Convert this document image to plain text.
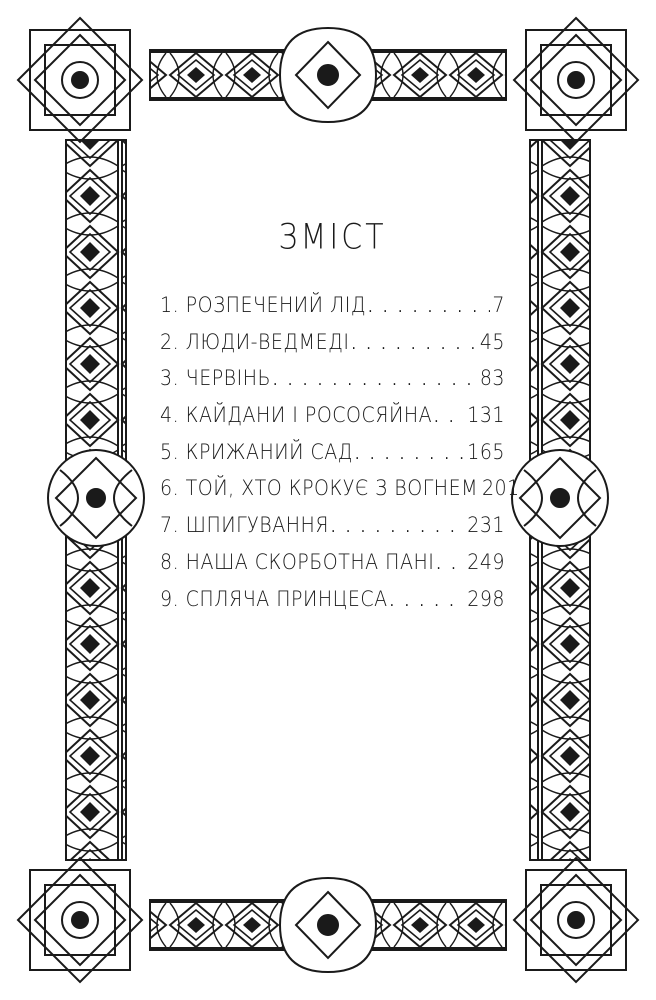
ЗМІСТ
1. РОЗПЕЧЕНИЙ ЛІД . . .	7
2. ЛЮДИ-ВЕДМЕДІ . . .	45
3. ЧЕРВІНЬ . . .	83
4. КАЙДАНИ І РОСОСЯЙНА . . . 131
5. КРИЖАНИЙ САД . . .	165
6. ТОЙ, ХТО КРОКУЄ З ВОГНЕМ 201
7. ШПИГУВАННЯ . . .	231
8. НАША СКОРБОТНА ПАНІ . . . 249
9. СПЛЯЧА ПРИНЦЕСА . . .	298
